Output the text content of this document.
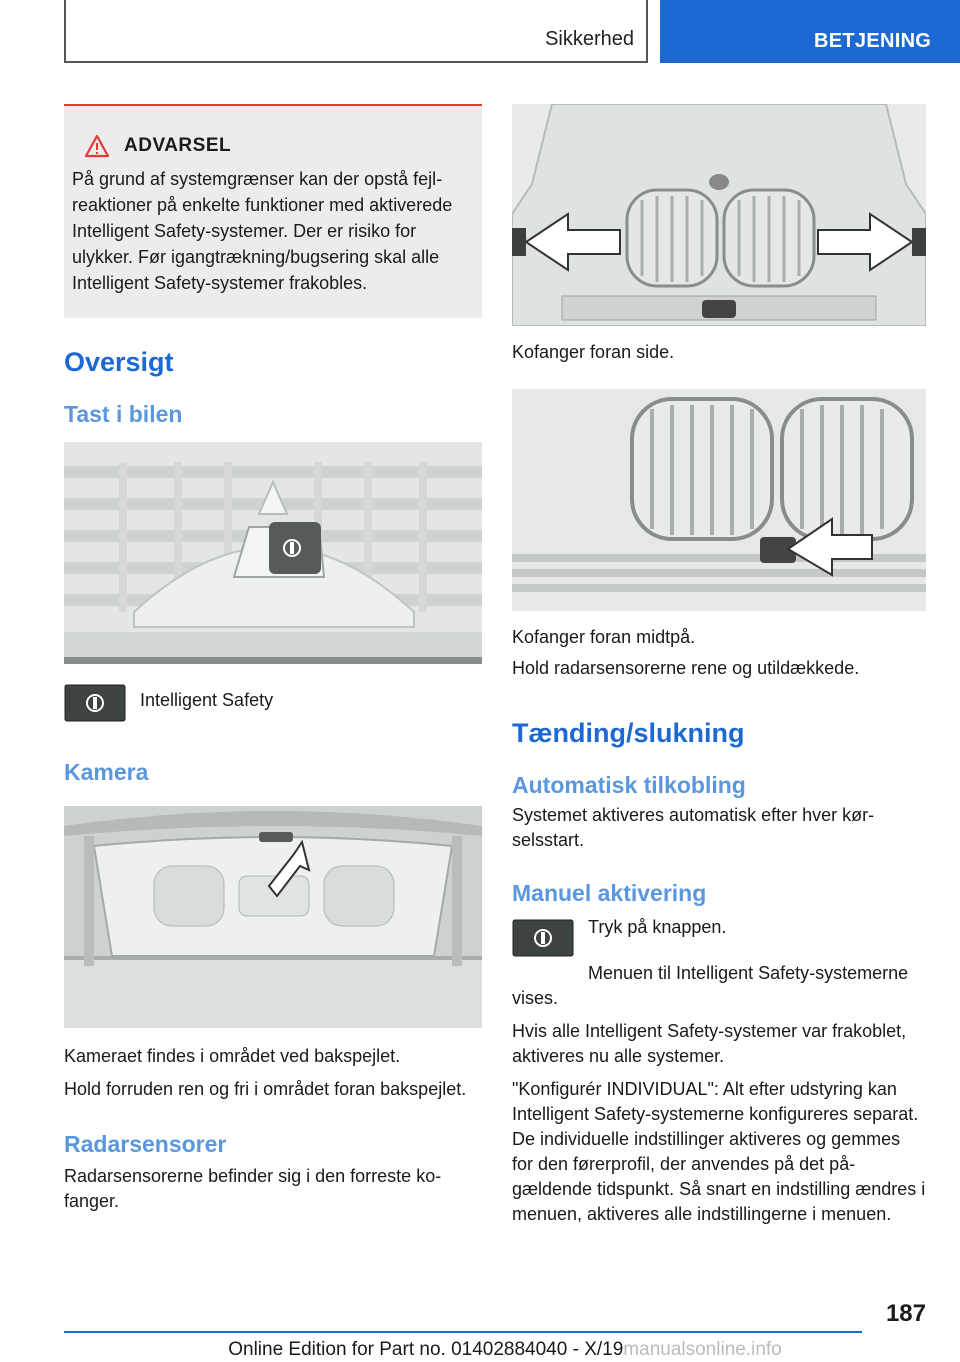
Sikkerhed	BETJENING
ADVARSEL

På grund af systemgrænser kan der opstå fejlreaktioner på enkelte funktioner med aktiverede Intelligent Safety-systemer. Der er risiko for ulykker. Før igangtrækning/bugsering skal alle Intelligent Safety-systemer frakobles.

Oversigt
Tast i bilen
Intelligent Safety
Kamera

Kameraet findes i området ved bakspejlet.

Hold forruden ren og fri i området foran bakspejlet.

Radarsensorer

Radarsensorerne befinder sig i den forreste kofanger.

Kofanger foran side.

Kofanger foran midtpå.

Hold radarsensorerne rene og utildækkede.

Tænding/slukning
Automatisk tilkobling

Systemet aktiveres automatisk efter hver kørselsstart.

Manuel aktivering

Tryk på knappen.

Menuen til Intelligent Safety-systemerne vises.

Hvis alle Intelligent Safety-systemer var frakoblet, aktiveres nu alle systemer.

"Konfigurér INDIVIDUAL": Alt efter udstyring kan Intelligent Safety-systemerne konfigureres separat. De individuelle indstillinger aktiveres og gemmes for den førerprofil, der anvendes på det pågældende tidspunkt. Så snart en indstilling ændres i menuen, aktiveres alle indstillingerne i menuen.

187
Online Edition for Part no. 01402884040 - X/19manualsonline.info
